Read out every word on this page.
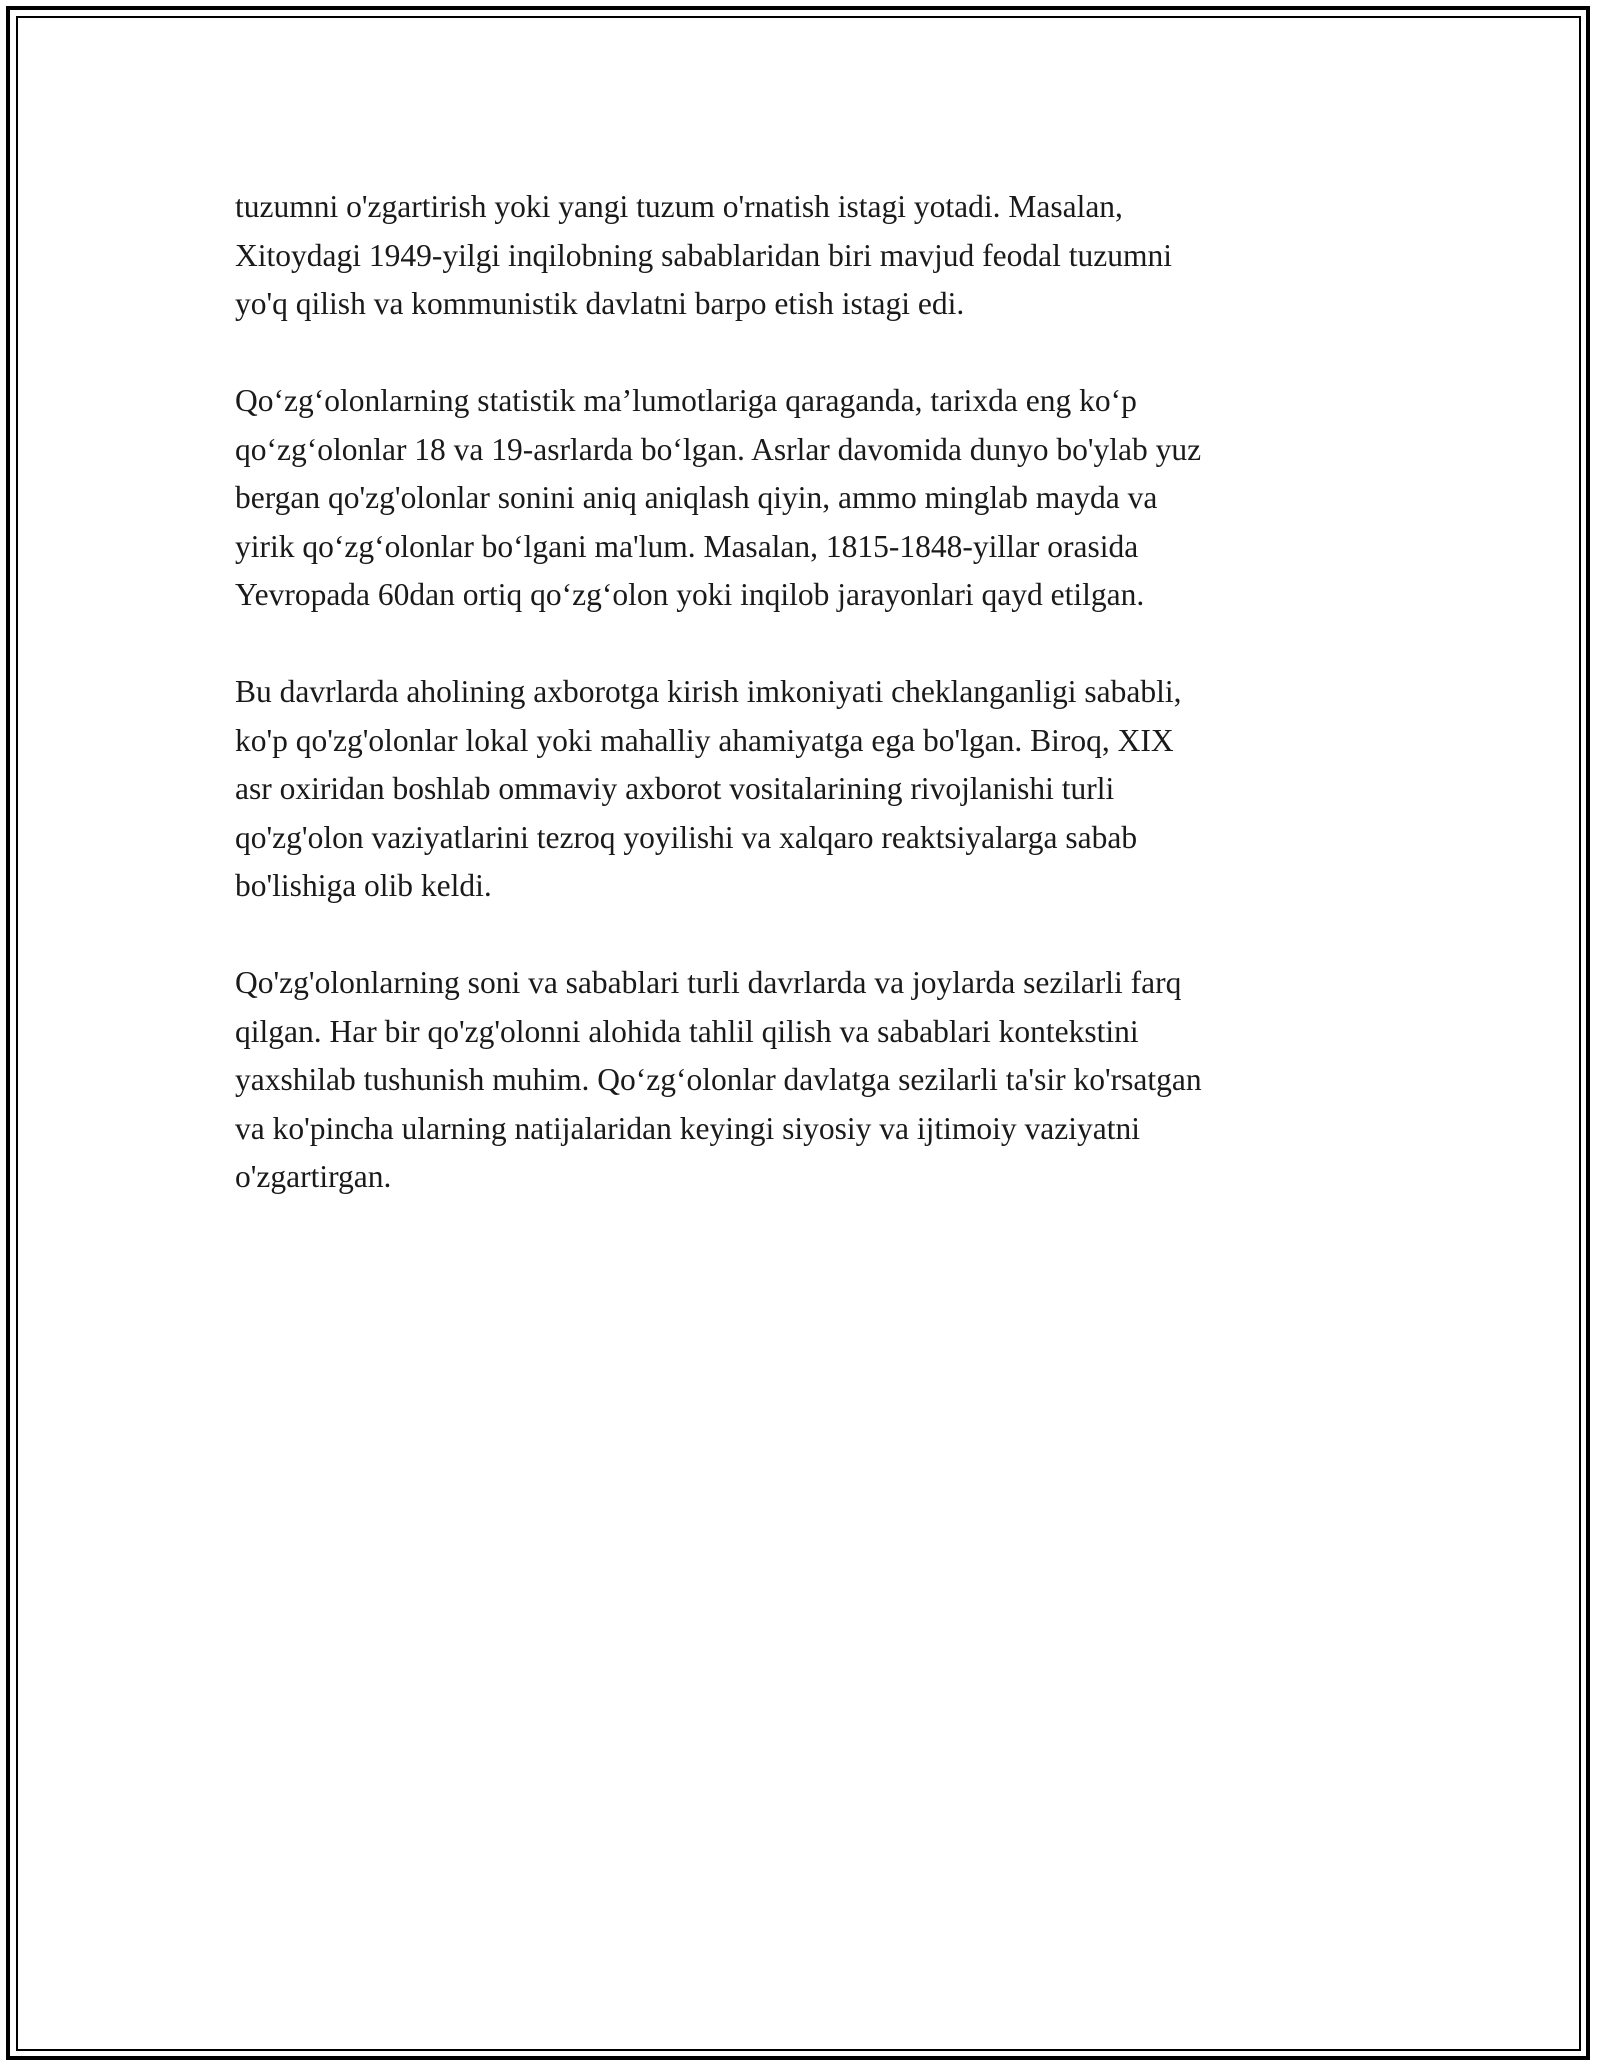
tuzumni o'zgartirish yoki yangi tuzum o'rnatish istagi yotadi. Masalan,
Xitoydagi 1949-yilgi inqilobning sabablaridan biri mavjud feodal tuzumni
yo'q qilish va kommunistik davlatni barpo etish istagi edi.

Qoʻzgʻolonlarning statistik maʼlumotlariga qaraganda, tarixda eng koʻp
qoʻzgʻolonlar 18 va 19-asrlarda boʻlgan. Asrlar davomida dunyo bo'ylab yuz
bergan qo'zg'olonlar sonini aniq aniqlash qiyin, ammo minglab mayda va
yirik qoʻzgʻolonlar boʻlgani ma'lum. Masalan, 1815-1848-yillar orasida
Yevropada 60dan ortiq qoʻzgʻolon yoki inqilob jarayonlari qayd etilgan.

Bu davrlarda aholining axborotga kirish imkoniyati cheklanganligi sababli,
ko'p qo'zg'olonlar lokal yoki mahalliy ahamiyatga ega bo'lgan. Biroq, XIX
asr oxiridan boshlab ommaviy axborot vositalarining rivojlanishi turli
qo'zg'olon vaziyatlarini tezroq yoyilishi va xalqaro reaktsiyalarga sabab
bo'lishiga olib keldi.

Qo'zg'olonlarning soni va sabablari turli davrlarda va joylarda sezilarli farq
qilgan. Har bir qo'zg'olonni alohida tahlil qilish va sabablari kontekstini
yaxshilab tushunish muhim. Qoʻzgʻolonlar davlatga sezilarli ta'sir ko'rsatgan
va ko'pincha ularning natijalaridan keyingi siyosiy va ijtimoiy vaziyatni
o'zgartirgan.
